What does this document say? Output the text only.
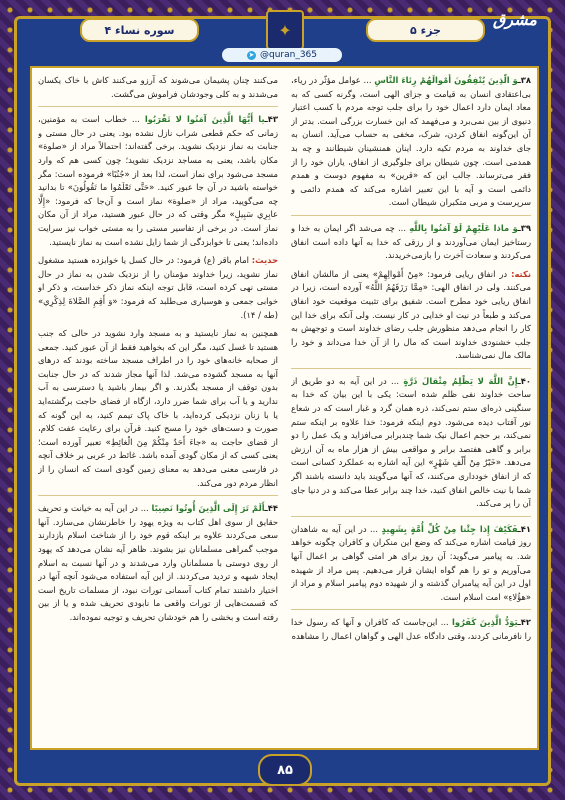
سوره نساء ۴	✦	جزء ۵
مشرق
➤ @quran_365

۳۸ـوَ الَّذِينَ يُنْفِقُونَ أَمْوالَهُمْ رِئاءَ النَّاسِ ... عوامل مؤثّر در ریاء، بی‌اعتقادی انسان به قیامت و جزای الهی است، وگرنه کسی که به معاد ایمان دارد اعمال خود را برای جلب توجه مردم با کسب اعتبار دنیوی از بین نمی‌برد و می‌فهمد که این خسارت بزرگی است. بدتر از آن این‌گونه انفاق کردن، شرک، مخفی به حساب می‌آید. انسان به جای خداوند به مردم تکیه دارد. اینان همنشینان شیطانند و چه بد همدمی است. چون شیطان برای جلوگیری از انفاق، یاران خود را از فقر می‌ترساند. جالب این که «قرین» به مفهوم دوست و همدم دائمی است و آیه با این تعبیر اشاره می‌کند که همدم دائمی و سرپرست و مربی متکبران شیطان است.

۳۹ـوَ ماذا عَلَيْهِمْ لَوْ آمَنُوا بِاللَّهِ ... چه می‌شد اگر ایمان به خدا و رستاخیز ایمان می‌آوردند و از رزقی که خدا به آنها داده است انفاق می‌کردند و سعادت آخرت را بازمی‌خریدند.

نکته: در انفاق ریایی فرمود: «مِنْ أَمْوالِهِمْ» یعنی از مالشان انفاق می‌کنند. ولی در انفاق الهی: «مِمَّا رَزَقَهُمُ اللَّهُ» آورده است، زیرا در انفاق ریایی خود مطرح است. شفیق برای تثبیت موقعیت خود انفاق می‌کند و طبعاً در نیت او خدایی در کار نیست. ولی آنکه برای خدا این کار را انجام می‌دهد منظورش جلب رضای خداوند است و توجهش به جلب خشنودی خداوند است که مال را از آن خدا می‌داند و خود را مالک مال نمی‌شناسد.

۴۰ـإِنَّ اللَّهَ لا يَظْلِمُ مِثْقالَ ذَرَّةٍ ... در این آیه به دو طریق از ساحت خداوند نفی ظلم شده است: یکی با این بیان که خدا به سنگینی ذره‌ای ستم نمی‌کند، ذره همان گرد و غبار است که در شعاع نور آفتاب دیده می‌شود. دوم اینکه فرمود: خدا علاوه بر اینکه ستم نمی‌کند، بر حجم اعمال نیک شما چندبرابر می‌افزاید و یک عمل را دو برابر و گاهی هفتصد برابر و مواقعی بیش از هزار ماه به آن ارزش می‌دهد. «خَيْرٌ مِنْ أَلْفِ شَهْرٍ» این آیه اشاره به عملکرد کسانی است که از انفاق خودداری می‌کنند، که آنها می‌گویند باید دانسته باشند اگر شما با نیت خالص انفاق کنید، خدا چند برابر عطا می‌کند و در دنیا جای آن را پر می‌کند.

۴۱ـفَكَيْفَ إِذا جِئْنا مِنْ كُلِّ أُمَّةٍ بِشَهِيدٍ ... در این آیه به شاهدان روز قیامت اشاره می‌کند که وضع این منکران و کافران چگونه خواهد شد. به پیامبر می‌گوید: آن روز برای هر امتی گواهی بر اعمال آنها می‌آوریم و تو را هم گواه ایشان قرار می‌دهیم. پس مراد از شهیده اول در این آیه پیامبران گذشته و از شهیده دوم پیامبر اسلام و مراد از «هؤُلاءِ» امت اسلام است.

۴۲ـيَوَدُّ الَّذِينَ كَفَرُوا ... این‌جاست که کافران و آنها که رسول خدا را نافرمانی کردند، وقتی دادگاه عدل الهی و گواهان اعمال را مشاهده

می‌کنند چنان پشیمان می‌شوند که آرزو می‌کنند کاش با خاک یکسان می‌شدند و به کلی وجودشان فراموش می‌گشت.

۴۳ـيا أَيُّهَا الَّذِينَ آمَنُوا لا تَقْرَبُوا ... خطاب است به مؤمنین، زمانی که حکم قطعی شراب نازل نشده بود. یعنی در حال مستی و جنابت به نماز نزدیک نشوید. برخی گفته‌اند: احتمالاً مراد از «صلوة» مکان باشد، یعنی به مساجد نزدیک نشوید؛ چون کسی هم که وارد مسجد می‌شود برای نماز است، لذا بعد از «جُنُبًا» فرموده است: مگر خواسته باشید در آن جا عبور کنید. «حَتَّى تَعْلَمُوا ما تَقُولُونَ» تا بدانید چه می‌گویید، مراد از «صلوة» نماز است و آن‌جا که فرمود: «إِلَّا عابِرِي سَبِيلٍ» مگر وقتی که در حال عبور هستید، مراد از آن مکان نماز است. در برخی از تفاسیر مستی را به مستی خواب نیز سرایت داده‌اند؛ یعنی تا خوابزدگی از شما زایل نشده است به نماز نایستید.

حدیث: امام باقر (ع) فرمود: در حال کسل یا خوابزده هستید مشغول نماز نشوید، زیرا خداوند مؤمنان را از نزدیک شدن به نماز در حال مستی نهی کرده است، قابل توجه اینکه نماز ذکر خداست، و ذکر او خوابی جمعی و هوسیاری می‌طلبد که فرمود: «وَ أَقِمِ الصَّلاةَ لِذِكْرِي» (طه / ۱۴).

همچنین به نماز نایستید و به مسجد وارد نشوید در حالی که جنب هستید تا غسل کنید، مگر این که بخواهید فقط از آن عبور کنید. جمعی از صحابه خانه‌های خود را در اطراف مسجد ساخته بودند که درهای آنها به مسجد گشوده می‌شد. لذا آنها مجاز شدند که در حال جنابت بدون توقف از مسجد بگذرند. و اگر بیمار باشید یا دسترسی به آب ندارید و یا آب برای شما ضرر دارد، ازگاه از فضای حاجت برگشته‌اید یا با زنان نزدیکی کرده‌اید، با خاک پاک تیمم کنید، به این گونه که صورت و دست‌های خود را مسح کنید. قرآن برای رعایت عفت کلام، از قضای حاجت به «جاءَ أَحَدٌ مِنْكُمْ مِنَ الْغائِطِ» تعبیر آورده است؛ یعنی کسی که از مکان گودی آمده باشد. غائط در عربی بر خلاف آنچه در فارسی معنی می‌دهد به معنای زمین گودی است که انسان را از انظار مردم دور می‌کند.

۴۴ـأَلَمْ تَرَ إِلَى الَّذِينَ أُوتُوا نَصِيبًا ... در این آیه به خیانت و تحریف حقایق از سوی اهل کتاب به ویژه یهود را خاطرنشان می‌سازد. آنها سعی می‌کردند علاوه بر اینکه قوم خود را از شناخت اسلام بازدارند موجب گمراهی مسلمانان نیز بشوند. ظاهر آیه نشان می‌دهد که یهود از روی دوستی با مسلمانان وارد می‌شدند و در آنها نسبت به اسلام ایجاد شبهه و تردید می‌کردند. از این آیه استفاده می‌شود آنچه آنها در اختیار داشتند تمام کتاب آسمانی تورات نبود، از مسلمات تاریخ است که قسمت‌هایی از تورات واقعی ما نابودی تحریف شده و یا از بین رفته است و بخشی را هم خودشان تحریف و توجیه نموده‌اند.

۸۵
